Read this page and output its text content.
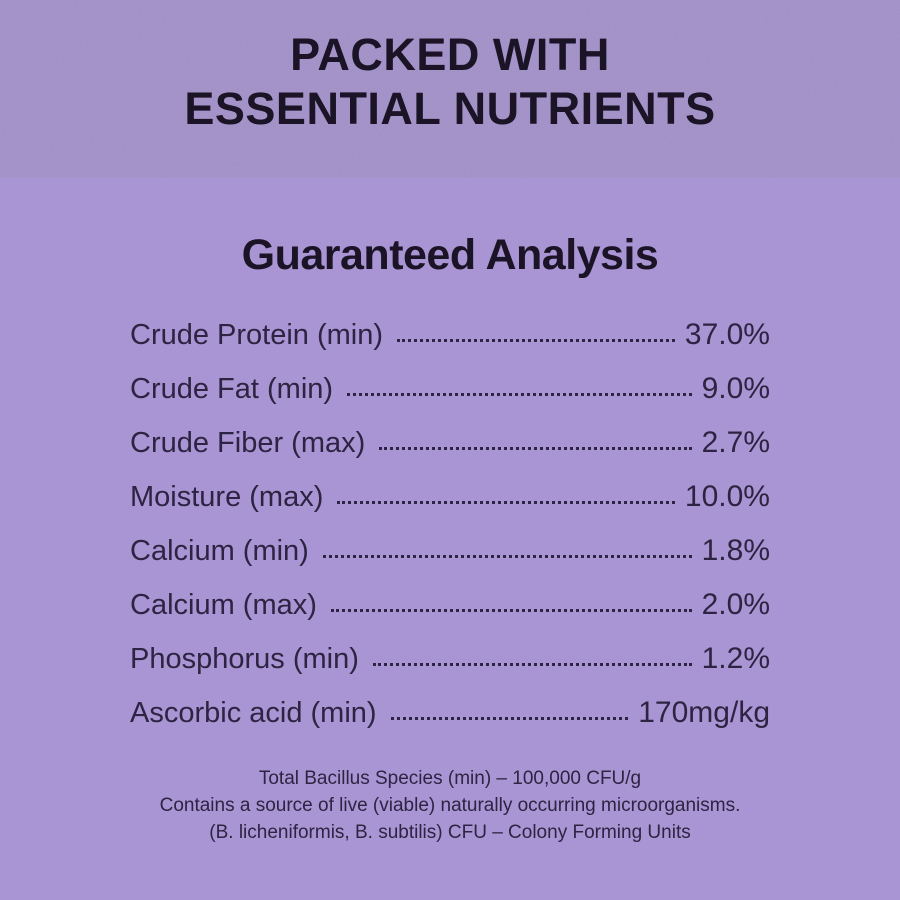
PACKED WITH
ESSENTIAL NUTRIENTS
Guaranteed Analysis
Crude Protein (min)	37.0%
Crude Fat (min)	9.0%
Crude Fiber (max)	2.7%
Moisture (max)	10.0%
Calcium (min)	1.8%
Calcium (max)	2.0%
Phosphorus (min)	1.2%
Ascorbic acid (min)	170mg/kg

Total Bacillus Species (min) – 100,000 CFU/g

Contains a source of live (viable) naturally occurring microorganisms.

(B. licheniformis, B. subtilis) CFU – Colony Forming Units
